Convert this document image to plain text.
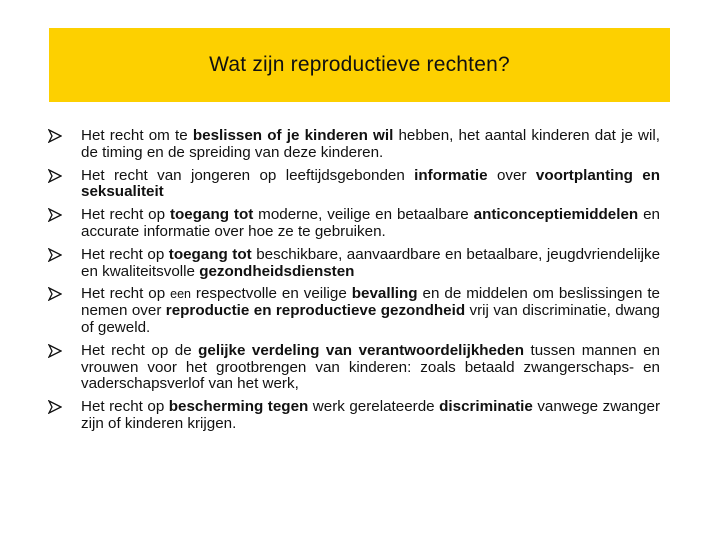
Wat zijn reproductieve rechten?
Het recht om te beslissen of je kinderen wil hebben, het aantal kinderen dat je wil, de timing en de spreiding van deze kinderen.
Het recht van jongeren op leeftijdsgebonden informatie over voortplanting en seksualiteit
Het recht op toegang tot moderne, veilige en betaalbare anticonceptiemiddelen en accurate informatie over hoe ze te gebruiken.
Het recht op toegang tot beschikbare, aanvaardbare en betaalbare, jeugdvriendelijke en kwaliteitsvolle gezondheidsdiensten
Het recht op een respectvolle en veilige bevalling en de middelen om beslissingen te nemen over reproductie en reproductieve gezondheid vrij van discriminatie, dwang of geweld.
Het recht op de gelijke verdeling van verantwoordelijkheden tussen mannen en vrouwen voor het grootbrengen van kinderen: zoals betaald zwangerschaps- en vaderschapsverlof van het werk,
Het recht op bescherming tegen werk gerelateerde discriminatie vanwege zwanger zijn of kinderen krijgen.
